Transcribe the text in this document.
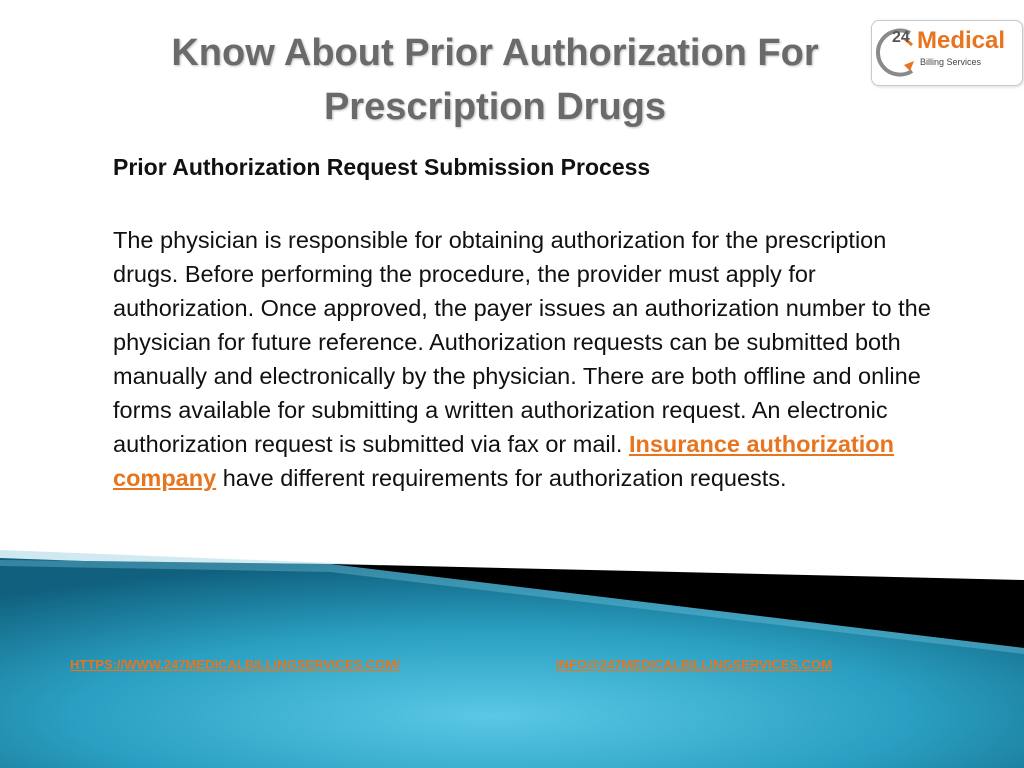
Know About Prior Authorization For Prescription Drugs
24 Medical
Billing Services
Prior Authorization Request Submission Process

The physician is responsible for obtaining authorization for the prescription drugs. Before performing the procedure, the provider must apply for authorization. Once approved, the payer issues an authorization number to the physician for future reference. Authorization requests can be submitted both manually and electronically by the physician. There are both offline and online forms available for submitting a written authorization request. An electronic authorization request is submitted via fax or mail. Insurance authorization company have different requirements for authorization requests.

HTTPS://WWW.247MEDICALBILLINGSERVICES.COM/	INFO@247MEDICALBILLINGSERVICES.COM
